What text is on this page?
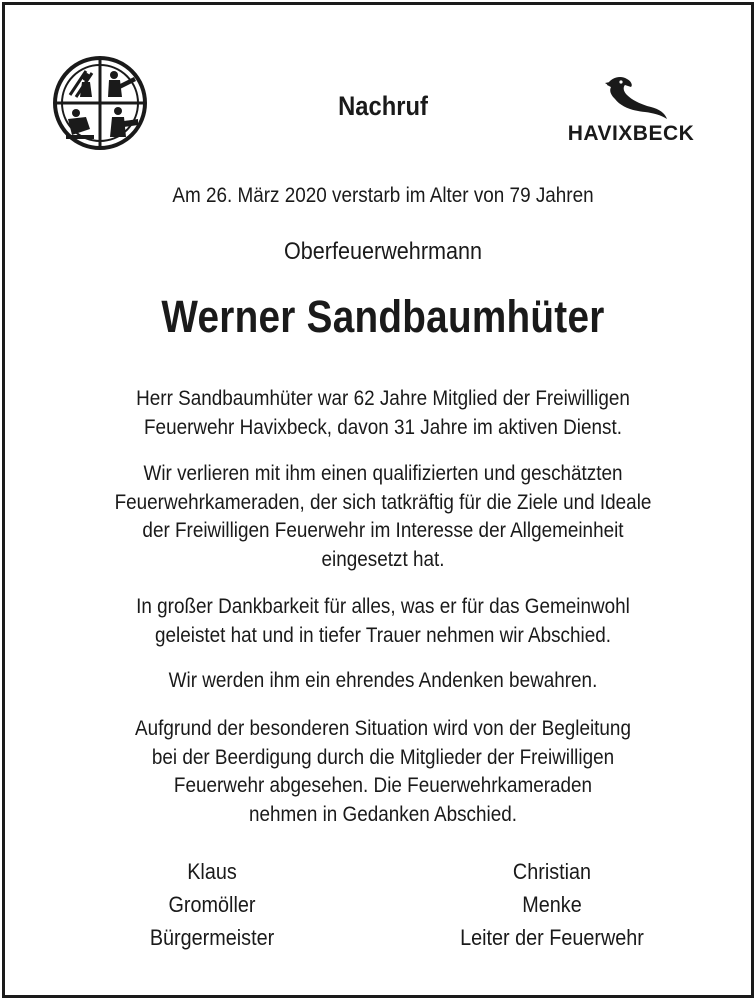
Nachruf
HAVIXBECK
Am 26. März 2020 verstarb im Alter von 79 Jahren
Oberfeuerwehrmann
Werner Sandbaumhüter
Herr Sandbaumhüter war 62 Jahre Mitglied der Freiwilligen
Feuerwehr Havixbeck, davon 31 Jahre im aktiven Dienst.
Wir verlieren mit ihm einen qualifizierten und geschätzten
Feuerwehrkameraden, der sich tatkräftig für die Ziele und Ideale
der Freiwilligen Feuerwehr im Interesse der Allgemeinheit
eingesetzt hat.
In großer Dankbarkeit für alles, was er für das Gemeinwohl
geleistet hat und in tiefer Trauer nehmen wir Abschied.
Wir werden ihm ein ehrendes Andenken bewahren.
Aufgrund der besonderen Situation wird von der Begleitung
bei der Beerdigung durch die Mitglieder der Freiwilligen
Feuerwehr abgesehen. Die Feuerwehrkameraden
nehmen in Gedanken Abschied.
Klaus
Gromöller
Bürgermeister
Christian
Menke
Leiter der Feuerwehr
